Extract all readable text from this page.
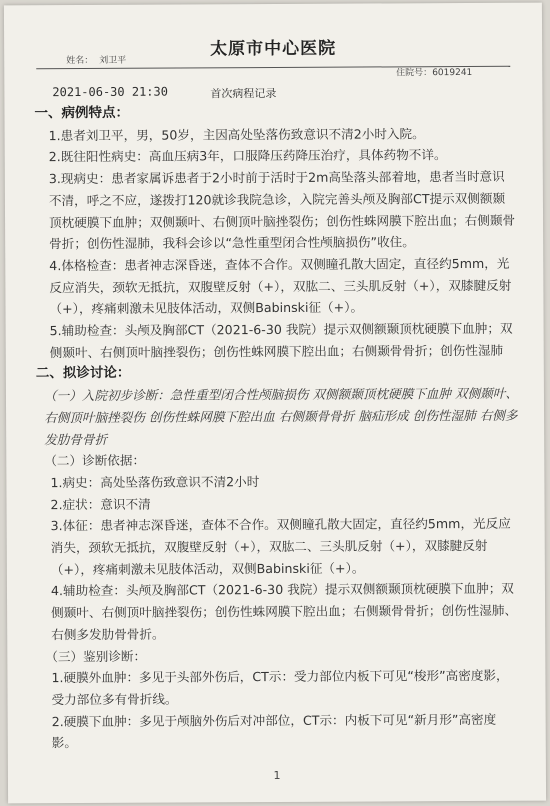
太原市中心医院
姓名： 刘卫平
住院号：6019241
2021-06-30 21:30	首次病程记录

一、病例特点：

1.患者刘卫平，男，50岁，主因高处坠落伤致意识不清2小时入院。

2.既往阳性病史：高血压病3年，口服降压药降压治疗，具体药物不详。

3.现病史：患者家属诉患者于2小时前于活时于2m高坠落头部着地，患者当时意识不清，呼之不应，遂拨打120就诊我院急诊，入院完善头颅及胸部CT提示双侧额颞顶枕硬膜下血肿；双侧颞叶、右侧顶叶脑挫裂伤；创伤性蛛网膜下腔出血；右侧颞骨骨折；创伤性湿肺，我科会诊以“急性重型闭合性颅脑损伤”收住。

4.体格检查：患者神志深昏迷，查体不合作。双侧瞳孔散大固定，直径约5mm，光反应消失，颈软无抵抗，双腹壁反射（+），双肱二、三头肌反射（+），双膝腱反射（+），疼痛刺激未见肢体活动，双侧Babinski征（+）。

5.辅助检查：头颅及胸部CT（2021-6-30 我院）提示双侧额颞顶枕硬膜下血肿；双侧颞叶、右侧顶叶脑挫裂伤；创伤性蛛网膜下腔出血；右侧颞骨骨折；创伤性湿肺

二、拟诊讨论：

（一）入院初步诊断：急性重型闭合性颅脑损伤 双侧额颞顶枕硬膜下血肿 双侧颞叶、右侧顶叶脑挫裂伤 创伤性蛛网膜下腔出血 右侧颞骨骨折 脑疝形成 创伤性湿肺 右侧多发肋骨骨折

（二）诊断依据：

1.病史：高处坠落伤致意识不清2小时

2.症状：意识不清

3.体征：患者神志深昏迷，查体不合作。双侧瞳孔散大固定，直径约5mm，光反应消失，颈软无抵抗，双腹壁反射（+），双肱二、三头肌反射（+），双膝腱反射（+），疼痛刺激未见肢体活动，双侧Babinski征（+）。

4.辅助检查：头颅及胸部CT（2021-6-30 我院）提示双侧额颞顶枕硬膜下血肿；双侧颞叶、右侧顶叶脑挫裂伤；创伤性蛛网膜下腔出血；右侧颞骨骨折；创伤性湿肺、右侧多发肋骨骨折。

（三）鉴别诊断：

1.硬膜外血肿：多见于头部外伤后，CT示：受力部位内板下可见“梭形”高密度影，受力部位多有骨折线。

2.硬膜下血肿：多见于颅脑外伤后对冲部位，CT示：内板下可见“新月形”高密度影。

1
